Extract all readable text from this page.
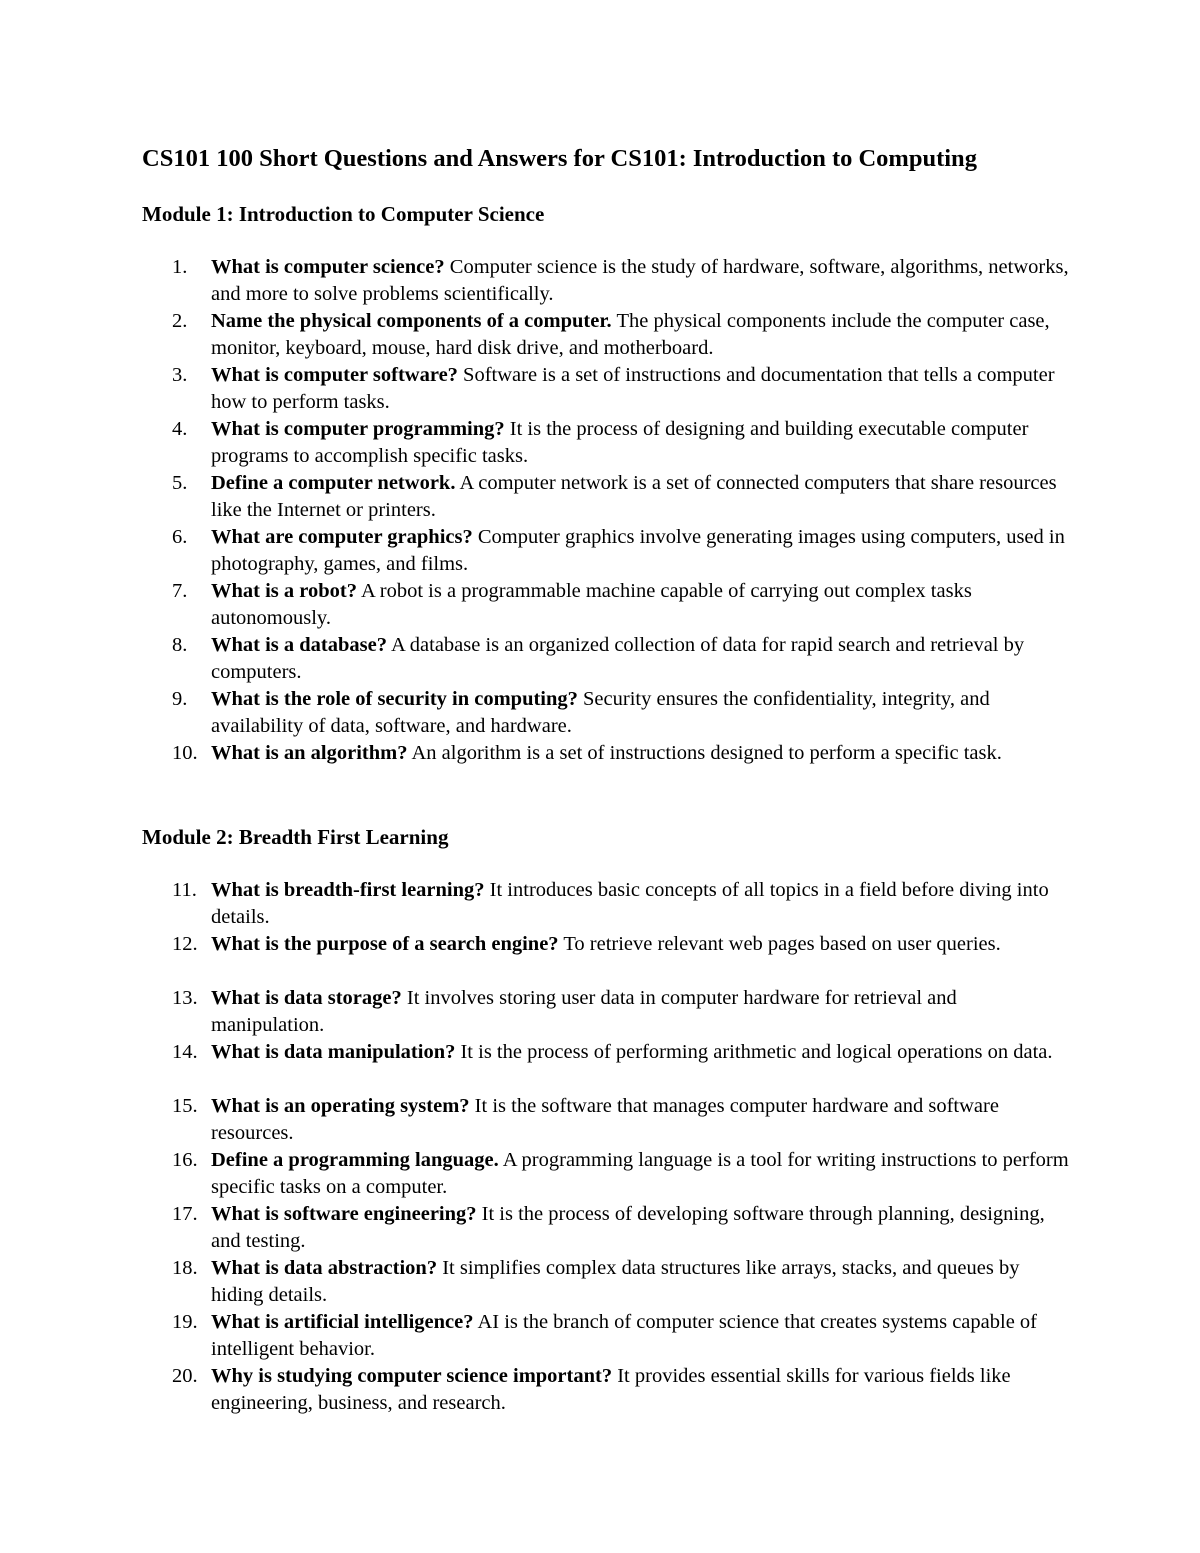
CS101 100 Short Questions and Answers for CS101: Introduction to Computing
Module 1: Introduction to Computer Science
1. What is computer science? Computer science is the study of hardware, software, algorithms, networks, and more to solve problems scientifically.
2. Name the physical components of a computer. The physical components include the computer case, monitor, keyboard, mouse, hard disk drive, and motherboard.
3. What is computer software? Software is a set of instructions and documentation that tells a computer how to perform tasks.
4. What is computer programming? It is the process of designing and building executable computer programs to accomplish specific tasks.
5. Define a computer network. A computer network is a set of connected computers that share resources like the Internet or printers.
6. What are computer graphics? Computer graphics involve generating images using computers, used in photography, games, and films.
7. What is a robot? A robot is a programmable machine capable of carrying out complex tasks autonomously.
8. What is a database? A database is an organized collection of data for rapid search and retrieval by computers.
9. What is the role of security in computing? Security ensures the confidentiality, integrity, and availability of data, software, and hardware.
10. What is an algorithm? An algorithm is a set of instructions designed to perform a specific task.
Module 2: Breadth First Learning
11. What is breadth-first learning? It introduces basic concepts of all topics in a field before diving into details.
12. What is the purpose of a search engine? To retrieve relevant web pages based on user queries.
13. What is data storage? It involves storing user data in computer hardware for retrieval and manipulation.
14. What is data manipulation? It is the process of performing arithmetic and logical operations on data.
15. What is an operating system? It is the software that manages computer hardware and software resources.
16. Define a programming language. A programming language is a tool for writing instructions to perform specific tasks on a computer.
17. What is software engineering? It is the process of developing software through planning, designing, and testing.
18. What is data abstraction? It simplifies complex data structures like arrays, stacks, and queues by hiding details.
19. What is artificial intelligence? AI is the branch of computer science that creates systems capable of intelligent behavior.
20. Why is studying computer science important? It provides essential skills for various fields like engineering, business, and research.
